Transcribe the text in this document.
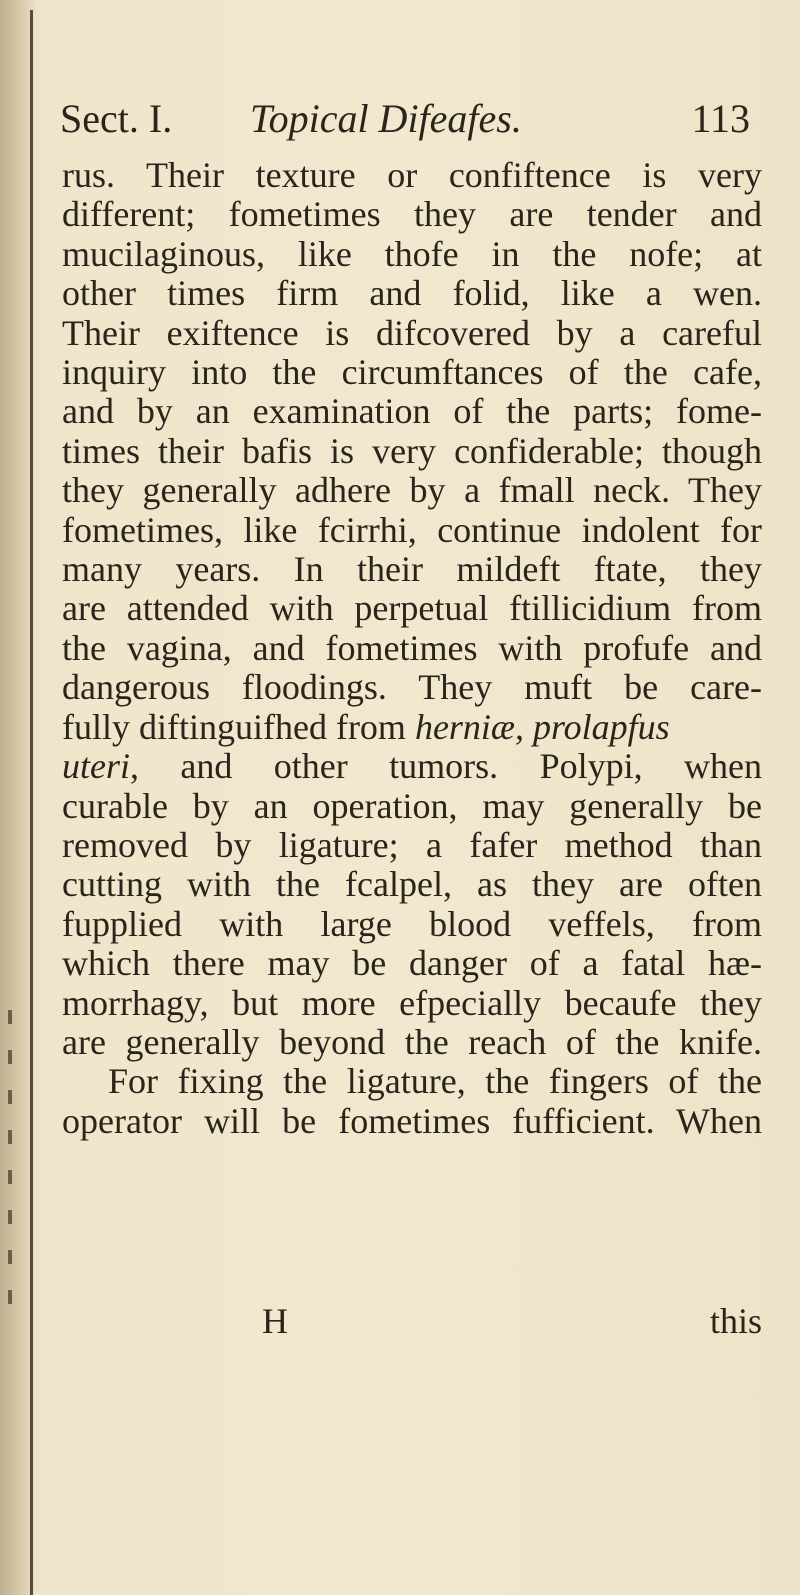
Sect. I. Topical Difeafes.	113
rus. Their texture or confiftence is very
different; fometimes they are tender and
mucilaginous, like thofe in the nofe; at
other times firm and folid, like a wen.
Their exiftence is difcovered by a careful
inquiry into the circumftances of the cafe,
and by an examination of the parts; fome-
times their bafis is very confiderable; though
they generally adhere by a fmall neck. They
fometimes, like fcirrhi, continue indolent for
many years. In their mildeft ftate, they
are attended with perpetual ftillicidium from
the vagina, and fometimes with profufe and
dangerous floodings. They muft be care-
fully diftinguifhed from herniæ, prolapfus
uteri, and other tumors. Polypi, when
curable by an operation, may generally be
removed by ligature; a fafer method than
cutting with the fcalpel, as they are often
fupplied with large blood veffels, from
which there may be danger of a fatal hæ-
morrhagy, but more efpecially becaufe they
are generally beyond the reach of the knife.
For fixing the ligature, the fingers of the
operator will be fometimes fufficient. When
H	this
